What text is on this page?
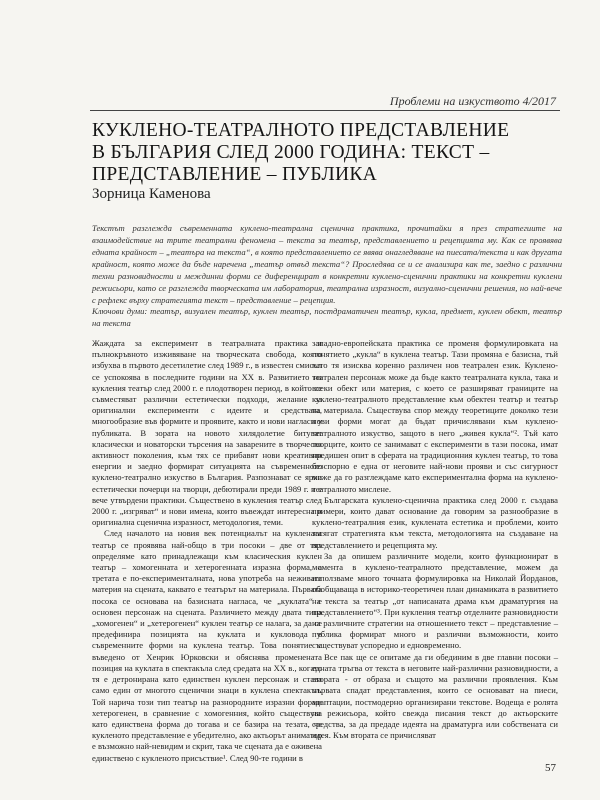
Проблеми на изкуството 4/2017
КУКЛЕНО-ТЕАТРАЛНОТО ПРЕДСТАВЛЕНИЕ
В БЪЛГАРИЯ СЛЕД 2000 ГОДИНА: ТЕКСТ –
ПРЕДСТАВЛЕНИЕ – ПУБЛИКА
Зорница Каменова
Текстът разглежда съвременната куклено-театрална сценична практика, прочитайки я през стратегиите на взаимодействие на трите театрални феномена – текста за театър, представлението и рецепцията му. Как се проявява едната крайност – „театъра на текста“, в която представлението се явява онагледяване на пиесата/текста и как другата крайност, която може да бъде наречена „театър отвъд текста“? Проследява се и се анализира как те, заедно с различни техни разновидности и междинни форми се диференцират в конкретни куклено-сценични практики на конкретни куклени режисьори, като се разглежда творческата им лаборатория, театрална изразност, визуално-сценични решения, но най-вече с рефлекс върху стратегията текст – представление – рецепция.
Ключови думи: театър, визуален театър, куклен театър, постдраматичен театър, кукла, предмет, куклен обект, театър на текста

Жаждата за експеримент в театралната практика и пълнокръвното изживяване на творческата свобода, която избухва в първото десетилетие след 1989 г., в известен смисъл се успокоява в последните години на ХХ в. Развитието на кукления театър след 2000 г. е плодотворен период, в който се съвместяват различни естетически подходи, желание за оригинални експерименти с идеите и средствата, многообразие във формите и проявите, както и нови нагласи у публиката. В зората на новото хилядолетие битуват класически и новаторски търсения на заварените в творческа активност поколения, към тях се прибавят нови креативни енергии и заедно формират ситуацията на съвременното куклено-театрално изкуство в България. Разпознават се ярки естетически почерци на творци, дебютирали преди 1989 г. и е вече утвърдени практики. Съществено в кукления театър след 2000 г. „изгряват“ и нови имена, които въвеждат интересна и оригинална сценична изразност, методология, теми.

След началото на новия век потенциалът на куклената театър се проявява най-общо в три посоки – две от тях определяме като принадлежащи към класическия куклен театър – хомогенната и хетерогенната изразна форма, а третата е по-експерименталната, нова употреба на неживата материя на сцената, каквато е театърът на материала. Първата посока се основава на базисната нагласа, че „куклата“ е основен персонаж на сцената. Различието между двата типа „хомогенен“ и „хетерогенен“ куклен театър се налага, за да се предефинира позицията на куклата и кукловода в съвременните форми на куклена театър. Това понятие е въведено от Хенрик Юрковски и обяснява променената позиция на куклата в спектакъла след средата на ХХ в., когато тя е детронирана като единствен куклен персонаж и става само един от многото сценични знаци в куклена спектакъл. Той нарича този тип театър на разнородните изразни форми хетерогенен, в сравнение с хомогенния, който съществува като единствена форма до тогава и се базира на тезата, че кукленото представление е убедително, ако актьорът аниматор е възможно най-невидим и скрит, така че сцената да е оживена единствено с кукленото присъствие¹. След 90-те години в

западно-европейската практика се променя формулировката на понятието „кукла“ в куклена театър. Тази промяна е базисна, тъй като тя изисква коренно различен нов театрален език. Куклено-театрален персонаж може да бъде както театралната кукла, така и всеки обект или материя, с което се разширяват границите на куклено-театралното представление към обектен театър и театър на материала. Съществува спор между теоретиците доколко тези нови форми могат да бъдат причислявани към куклено-театралното изкуство, защото в него „живея кукла“². Тъй като творците, които се занимават с експерименти в тази посока, имат предишен опит в сферата на традиционния куклен театър, то това безспорно е една от неговите най-нови прояви и със сигурност може да го разглеждаме като експериментална форма на куклено-театралното мислене.

Българската куклено-сценична практика след 2000 г. създава примери, които дават основание да говорим за разнообразие в куклено-театралния език, куклената естетика и проблеми, които засягат стратегията към текста, методологията на създаване на представлението и рецепцията му.

За да опишем различните модели, които функционират в момента в куклено-театралното представление, можем да използваме много точната формулировка на Николай Йорданов, обобщаваща в историко-теоретичен план динамиката в развитието на текста за театър „от написаната драма към драматургия на представлението“³. При кукления театър отделните разновидности на различните стратегии на отношението текст – представление – публика формират много и различни възможности, които съществуват успоредно и едновременно.

Все пак ще се опитаме да ги обединим в две главни посоки – едната тръгва от текста в неговите най-различни разновидности, а втората - от образа и същото ма различни проявления. Към първата спадат представления, които се основават на пиеси, адаптации, постмодерно организирани текстове. Водеща е ролята на режисьора, който свежда писания текст до актьорските средства, за да предаде идеята на драматурга или собствената си идея. Към втората се причисляват

57
